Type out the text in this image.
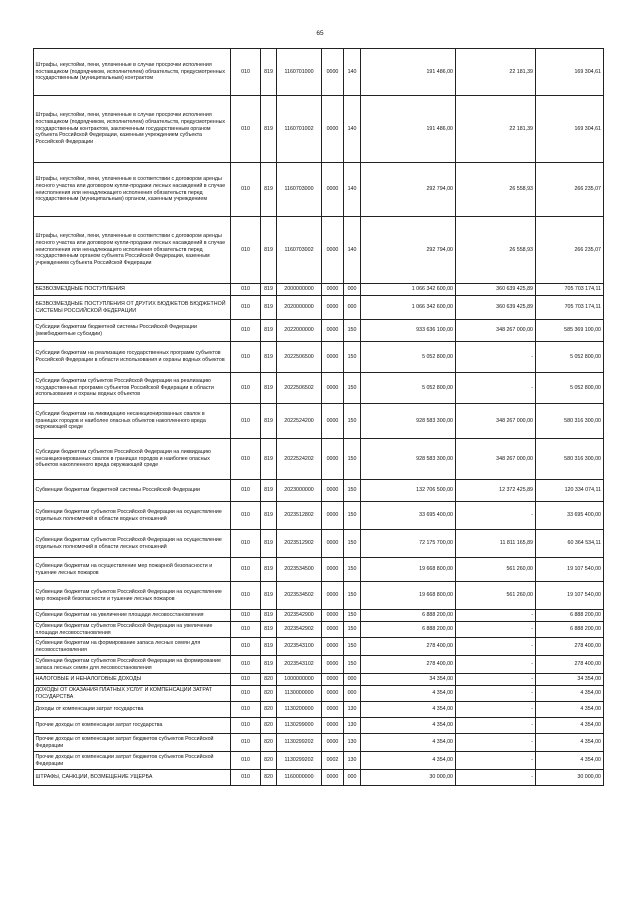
65
Штрафы, неустойки, пени, уплаченные в случае просрочки исполнения поставщиком (подрядчиком, исполнителем) обязательств, предусмотренных государственным (муниципальным) контрактом	010	819	1160701000	0000	140	191 486,00	22 181,39	169 304,61
Штрафы, неустойки, пени, уплаченные в случае просрочки исполнения поставщиком (подрядчиком, исполнителем) обязательств, предусмотренных государственным контрактом, заключенным государственным органом субъекта Российской Федерации, казенным учреждением субъекта Российской Федерации	010	819	1160701002	0000	140	191 486,00	22 181,39	169 304,61
Штрафы, неустойки, пени, уплаченные в соответствии с договором аренды лесного участка или договором купли-продажи лесных насаждений в случае неисполнения или ненадлежащего исполнения обязательств перед государственным (муниципальным) органом, казенным учреждением	010	819	1160703000	0000	140	292 794,00	26 558,93	266 235,07
Штрафы, неустойки, пени, уплаченные в соответствии с договором аренды лесного участка или договором купли-продажи лесных насаждений в случае неисполнения или ненадлежащего исполнения обязательств перед государственным органом субъекта Российской Федерации, казенным учреждением субъекта Российской Федерации	010	819	1160703002	0000	140	292 794,00	26 558,93	266 235,07
БЕЗВОЗМЕЗДНЫЕ ПОСТУПЛЕНИЯ	010	819	2000000000	0000	000	1 066 342 600,00	360 639 425,89	705 703 174,11
БЕЗВОЗМЕЗДНЫЕ ПОСТУПЛЕНИЯ ОТ ДРУГИХ БЮДЖЕТОВ БЮДЖЕТНОЙ СИСТЕМЫ РОССИЙСКОЙ ФЕДЕРАЦИИ	010	819	2020000000	0000	000	1 066 342 600,00	360 639 425,89	705 703 174,11
Субсидии бюджетам бюджетной системы Российской Федерации (межбюджетные субсидии)	010	819	2022000000	0000	150	933 636 100,00	348 267 000,00	585 369 100,00
Субсидии бюджетам на реализацию государственных программ субъектов Российской Федерации в области использования и охраны водных объектов	010	819	2022506500	0000	150	5 052 800,00	-	5 052 800,00
Субсидии бюджетам субъектов Российской Федерации на реализацию государственных программ субъектов Российской Федерации в области использования и охраны водных объектов	010	819	2022506502	0000	150	5 052 800,00	-	5 052 800,00
Субсидии бюджетам на ликвидацию несанкционированных свалок в границах городов и наиболее опасных объектов накопленного вреда окружающей среде	010	819	2022524200	0000	150	928 583 300,00	348 267 000,00	580 316 300,00
Субсидии бюджетам субъектов Российской Федерации на ликвидацию несанкционированных свалок в границах городов и наиболее опасных объектов накопленного вреда окружающей среде	010	819	2022524202	0000	150	928 583 300,00	348 267 000,00	580 316 300,00
Субвенции бюджетам бюджетной системы Российской Федерации	010	819	2023000000	0000	150	132 706 500,00	12 372 425,89	120 334 074,11
Субвенции бюджетам субъектов Российской Федерации на осуществление отдельных полномочий в области водных отношений	010	819	2023512802	0000	150	33 695 400,00	-	33 695 400,00
Субвенции бюджетам субъектов Российской Федерации на осуществление отдельных полномочий в области лесных отношений	010	819	2023512902	0000	150	72 175 700,00	11 811 165,89	60 364 534,11
Субвенции бюджетам на осуществление мер пожарной безопасности и тушение лесных пожаров	010	819	2023534500	0000	150	19 668 800,00	561 260,00	19 107 540,00
Субвенции бюджетам субъектов Российской Федерации на осуществление мер пожарной безопасности и тушение лесных пожаров	010	819	2023534502	0000	150	19 668 800,00	561 260,00	19 107 540,00
Субвенции бюджетам на увеличение площади лесовосстановления	010	819	2023542900	0000	150	6 888 200,00	-	6 888 200,00
Субвенции бюджетам субъектов Российской Федерации на увеличение площади лесовосстановления	010	819	2023542902	0000	150	6 888 200,00	-	6 888 200,00
Субвенции бюджетам на формирование запаса лесных семян для лесовосстановления	010	819	2023543100	0000	150	278 400,00	-	278 400,00
Субвенции бюджетам субъектов Российской Федерации на формирование запаса лесных семян для лесовосстановления	010	819	2023543102	0000	150	278 400,00	-	278 400,00
НАЛОГОВЫЕ И НЕНАЛОГОВЫЕ ДОХОДЫ	010	820	1000000000	0000	000	34 354,00	-	34 354,00
ДОХОДЫ ОТ ОКАЗАНИЯ ПЛАТНЫХ УСЛУГ И КОМПЕНСАЦИИ ЗАТРАТ ГОСУДАРСТВА	010	820	1130000000	0000	000	4 354,00	-	4 354,00
Доходы от компенсации затрат государства	010	820	1130200000	0000	130	4 354,00	-	4 354,00
Прочие доходы от компенсации затрат государства	010	820	1130299000	0000	130	4 354,00	-	4 354,00
Прочие доходы от компенсации затрат бюджетов субъектов Российской Федерации	010	820	1130299202	0000	130	4 354,00	-	4 354,00
Прочие доходы от компенсации затрат бюджетов субъектов Российской Федерации	010	820	1130299202	0002	130	4 354,00	-	4 354,00
ШТРАФЫ, САНКЦИИ, ВОЗМЕЩЕНИЕ УЩЕРБА	010	820	1160000000	0000	000	30 000,00	-	30 000,00
